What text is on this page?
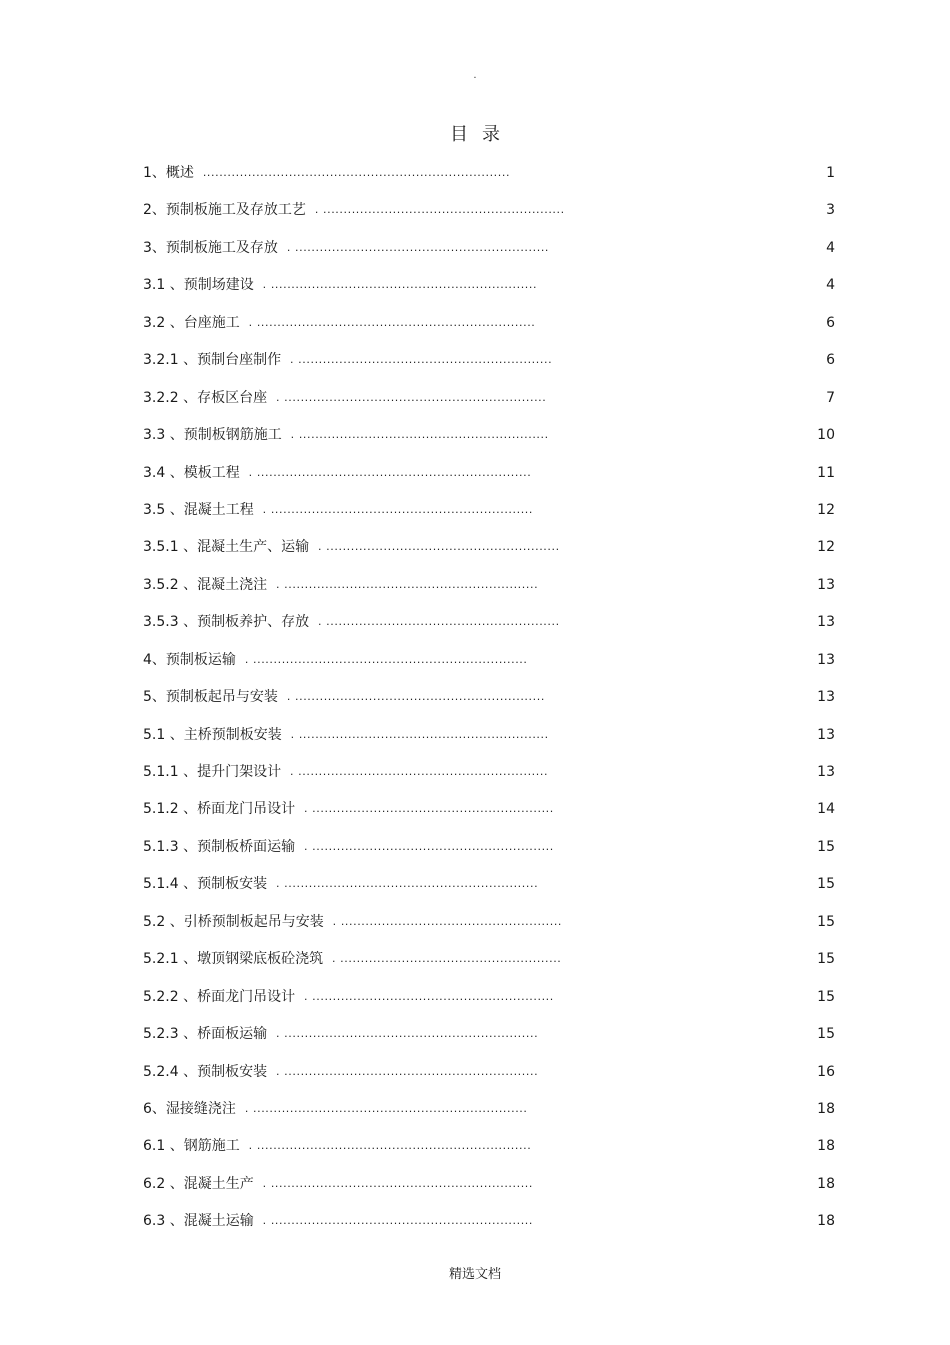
.
目录
1、概述 ...........................................................................	1
2、预制板施工及存放工艺 . ...........................................................	3
3、预制板施工及存放 . ..............................................................	4
3.1 、预制场建设 . .................................................................	4
3.2 、台座施工 . ....................................................................	6
3.2.1 、预制台座制作 . ..............................................................	6
3.2.2 、存板区台座 . ................................................................	7
3.3 、预制板钢筋施工 . .............................................................	10
3.4 、模板工程 . ...................................................................	11
3.5 、混凝土工程 . ................................................................	12
3.5.1 、混凝土生产、运输 . .........................................................	12
3.5.2 、混凝土浇注 . ..............................................................	13
3.5.3 、预制板养护、存放 . .........................................................	13
4、预制板运输 . ...................................................................	13
5、预制板起吊与安装 . .............................................................	13
5.1 、主桥预制板安装 . .............................................................	13
5.1.1 、提升门架设计 . .............................................................	13
5.1.2 、桥面龙门吊设计 . ...........................................................	14
5.1.3 、预制板桥面运输 . ...........................................................	15
5.1.4 、预制板安装 . ..............................................................	15
5.2 、引桥预制板起吊与安装 . ......................................................	15
5.2.1 、墩顶钢梁底板砼浇筑 . ......................................................	15
5.2.2 、桥面龙门吊设计 . ...........................................................	15
5.2.3 、桥面板运输 . ..............................................................	15
5.2.4 、预制板安装 . ..............................................................	16
6、湿接缝浇注 . ...................................................................	18
6.1 、钢筋施工 . ...................................................................	18
6.2 、混凝土生产 . ................................................................	18
6.3 、混凝土运输 . ................................................................	18
精选文档
